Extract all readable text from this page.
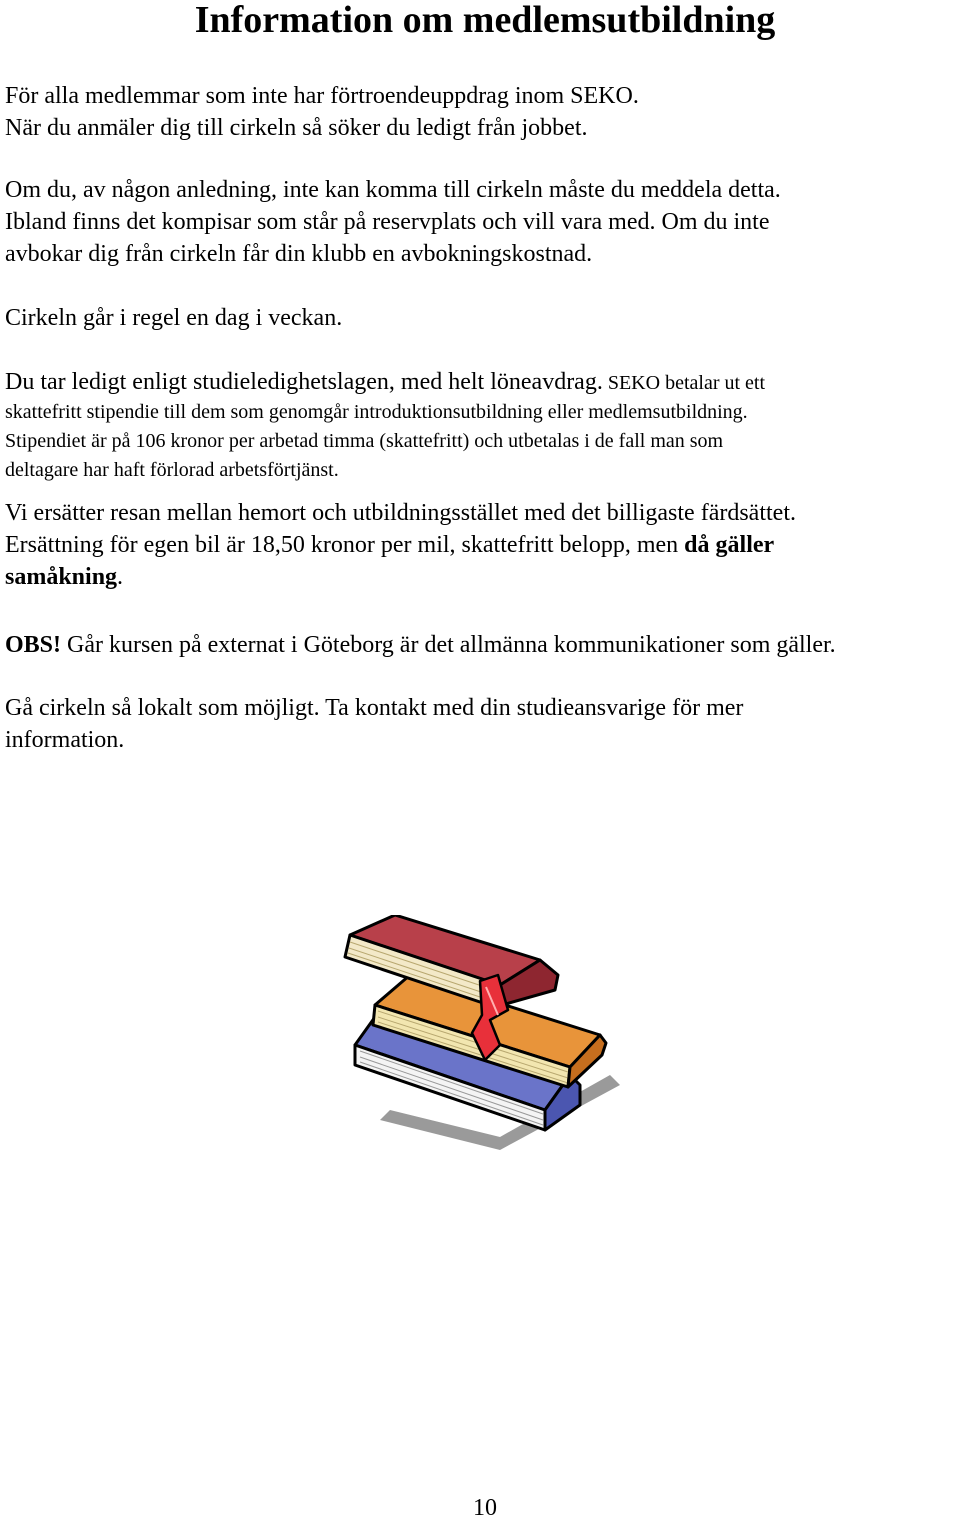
Information om medlemsutbildning

För alla medlemmar som inte har förtroendeuppdrag inom SEKO.
När du anmäler dig till cirkeln så söker du ledigt från jobbet.

Om du, av någon anledning, inte kan komma till cirkeln måste du meddela detta.
Ibland finns det kompisar som står på reservplats och vill vara med. Om du inte
avbokar dig från cirkeln får din klubb en avbokningskostnad.

Cirkeln går i regel en dag i veckan.

Du tar ledigt enligt studieledighetslagen, med helt löneavdrag. SEKO betalar ut ett
skattefritt stipendie till dem som genomgår introduktionsutbildning eller medlemsutbildning.
Stipendiet är på 106 kronor per arbetad timma (skattefritt) och utbetalas i de fall man som
deltagare har haft förlorad arbetsförtjänst.

Vi ersätter resan mellan hemort och utbildningsstället med det billigaste färdsättet.
Ersättning för egen bil är 18,50 kronor per mil, skattefritt belopp, men då gäller
samåkning.

OBS! Går kursen på externat i Göteborg är det allmänna kommunikationer som gäller.

Gå cirkeln så lokalt som möjligt. Ta kontakt med din studieansvarige för mer
information.

10
